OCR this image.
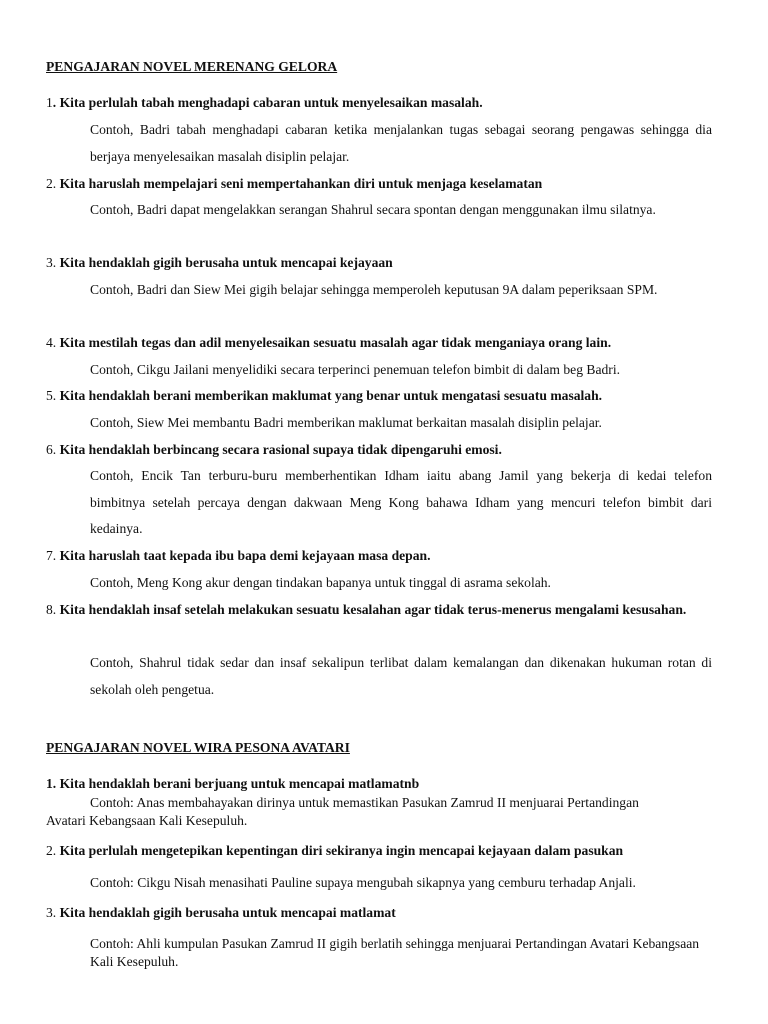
PENGAJARAN NOVEL MERENANG GELORA
1. Kita perlulah tabah menghadapi cabaran untuk menyelesaikan masalah.
Contoh, Badri tabah menghadapi cabaran ketika menjalankan tugas sebagai seorang pengawas sehingga dia berjaya menyelesaikan masalah disiplin pelajar.
2. Kita haruslah mempelajari seni mempertahankan diri untuk menjaga keselamatan
Contoh, Badri dapat mengelakkan serangan Shahrul secara spontan dengan menggunakan ilmu silatnya.
3. Kita hendaklah gigih berusaha untuk mencapai kejayaan
Contoh, Badri dan Siew Mei gigih belajar sehingga memperoleh keputusan 9A dalam peperiksaan SPM.
4. Kita mestilah tegas dan adil menyelesaikan sesuatu masalah agar tidak menganiaya orang lain.
Contoh, Cikgu Jailani menyelidiki secara terperinci penemuan telefon bimbit di dalam beg Badri.
5. Kita hendaklah berani memberikan maklumat yang benar untuk mengatasi sesuatu masalah.
Contoh, Siew Mei membantu Badri memberikan maklumat berkaitan masalah disiplin pelajar.
6. Kita hendaklah berbincang secara rasional supaya tidak dipengaruhi emosi.
Contoh, Encik Tan terburu-buru memberhentikan Idham iaitu abang Jamil yang bekerja di kedai telefon bimbitnya setelah percaya dengan dakwaan Meng Kong bahawa Idham yang mencuri telefon bimbit dari kedainya.
7. Kita haruslah taat kepada ibu bapa demi kejayaan masa depan.
Contoh, Meng Kong akur dengan tindakan bapanya untuk tinggal di asrama sekolah.
8. Kita hendaklah insaf setelah melakukan sesuatu kesalahan agar tidak terus-menerus mengalami kesusahan.
Contoh, Shahrul tidak sedar dan insaf sekalipun terlibat dalam kemalangan dan dikenakan hukuman rotan di sekolah oleh pengetua.
PENGAJARAN NOVEL WIRA PESONA AVATARI
1. Kita hendaklah berani berjuang untuk mencapai matlamatnb
Contoh: Anas membahayakan dirinya untuk memastikan Pasukan Zamrud II menjuarai Pertandingan Avatari Kebangsaan Kali Kesepuluh.
2. Kita perlulah mengetepikan kepentingan diri sekiranya ingin mencapai kejayaan dalam pasukan
Contoh: Cikgu Nisah menasihati Pauline supaya mengubah sikapnya yang cemburu terhadap Anjali.
3. Kita hendaklah gigih berusaha untuk mencapai matlamat
Contoh: Ahli kumpulan Pasukan Zamrud II gigih berlatih sehingga menjuarai Pertandingan Avatari Kebangsaan Kali Kesepuluh.
